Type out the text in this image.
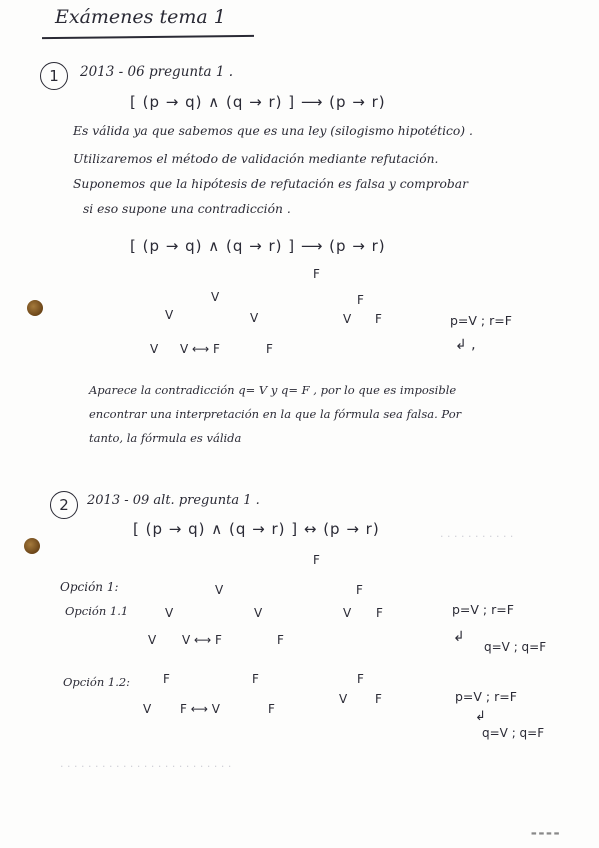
Exámenes tema 1
1	2013 - 06 pregunta 1 .
[ (p → q) ∧ (q → r) ] ⟶ (p → r)
Es válida ya que sabemos que es una ley (silogismo hipotético) .
Utilizaremos el método de validación mediante refutación.
Suponemos que la hipótesis de refutación es falsa y comprobar
si eso supone una contradicción .
[ (p → q) ∧ (q → r) ] ⟶ (p → r)
F
V	F
V	V	V F
V V ⟷ F	F
p=V ; r=F
↲ ,
Aparece la contradicción q= V y q= F , por lo que es imposible
encontrar una interpretación en la que la fórmula sea falsa. Por
tanto, la fórmula es válida
2	2013 - 09 alt. pregunta 1 .
[ (p → q) ∧ (q → r) ] ↔ (p → r)
F
Opción 1:
Opción 1.1
V	F
V	V	V F
V V ⟷ F	F
p=V ; r=F
↲
q=V ; q=F
Opción 1.2:	F	F	F
V F
V F ⟷ V	F
p=V ; r=F
↲
q=V ; q=F
· · · · · · · · · · · · · · · · · · · · · · · · ·
· · · · · · · · · · ·
▬ ▬ ▬ ▬
